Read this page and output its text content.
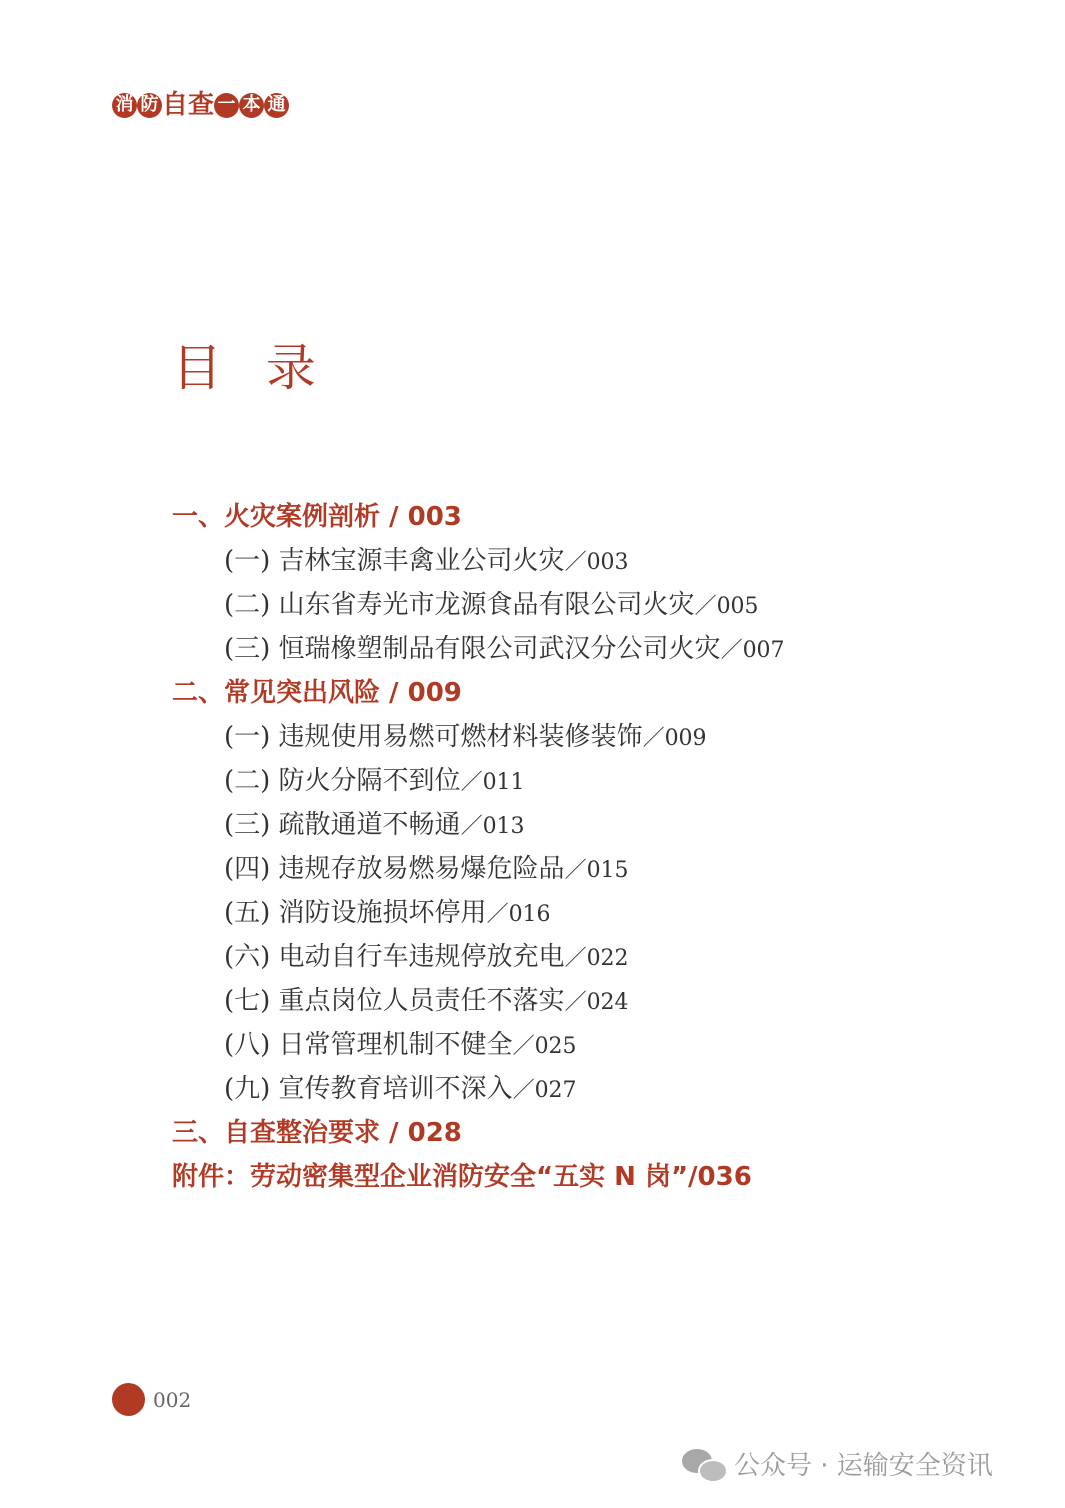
消 防 自 查 一 本 通
目 录
一、火灾案例剖析 / 003
(一) 吉林宝源丰禽业公司火灾／003
(二) 山东省寿光市龙源食品有限公司火灾／005
(三) 恒瑞橡塑制品有限公司武汉分公司火灾／007
二、常见突出风险 / 009
(一) 违规使用易燃可燃材料装修装饰／009
(二) 防火分隔不到位／011
(三) 疏散通道不畅通／013
(四) 违规存放易燃易爆危险品／015
(五) 消防设施损坏停用／016
(六) 电动自行车违规停放充电／022
(七) 重点岗位人员责任不落实／024
(八) 日常管理机制不健全／025
(九) 宣传教育培训不深入／027
三、自查整治要求 / 028
附件：劳动密集型企业消防安全“五实 N 岗”/036
002
公众号 · 运输安全资讯
